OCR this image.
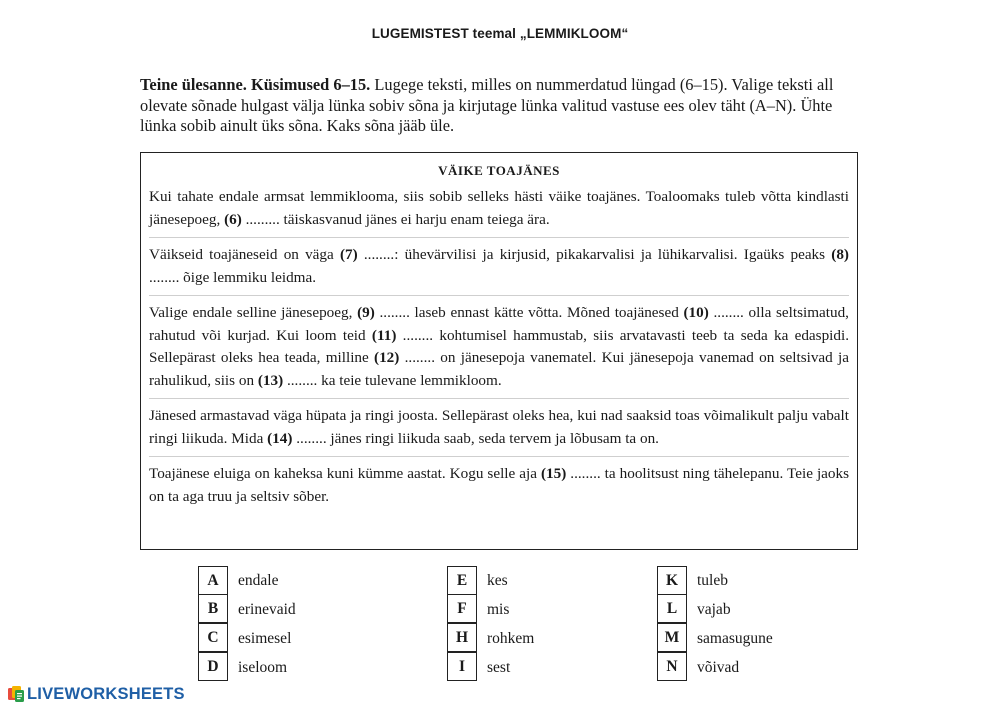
LUGEMISTEST teemal „LEMMIKLOOM“
Teine ülesanne. Küsimused 6–15. Lugege teksti, milles on nummerdatud lüngad (6–15). Valige teksti all olevate sõnade hulgast välja lünka sobiv sõna ja kirjutage lünka valitud vastuse ees olev täht (A–N). Ühte lünka sobib ainult üks sõna. Kaks sõna jääb üle.
VÄIKE TOAJÄNES

Kui tahate endale armsat lemmiklooma, siis sobib selleks hästi väike toajänes. Toaloomaks tuleb võtta kindlasti jänesepoeg, (6) ......... täiskasvanud jänes ei harju enam teiega ära.

Väikseid toajäneseid on väga (7) ........: ühevärvilisi ja kirjusid, pikakarvalisi ja lühikarvalisi. Igaüks peaks (8) ........ õige lemmiku leidma.

Valige endale selline jänesepoeg, (9) ........ laseb ennast kätte võtta. Mõned toajänesed (10) ........ olla seltsimatud, rahutud või kurjad. Kui loom teid (11) ........ kohtumisel hammustab, siis arvatavasti teeb ta seda ka edaspidi. Sellepärast oleks hea teada, milline (12) ........ on jänesepoja vanematel. Kui jänesepoja vanemad on seltsivad ja rahulikud, siis on (13) ........ ka teie tulevane lemmikloom.

Jänesed armastavad väga hüpata ja ringi joosta. Sellepärast oleks hea, kui nad saaksid toas võimalikult palju vabalt ringi liikuda. Mida (14) ........ jänes ringi liikuda saab, seda tervem ja lõbusam ta on.

Toajänese eluiga on kaheksa kuni kümme aastat. Kogu selle aja (15) ........ ta hoolitsust ning tähelepanu. Teie jaoks on ta aga truu ja seltsiv sõber.

A	endale
B	erinevaid
C	esimesel
D	iseloom
E	kes
F	mis
H	rohkem
I	sest
K	tuleb
L	vajab
M	samasugune
N	võivad
LIVEWORKSHEETS
